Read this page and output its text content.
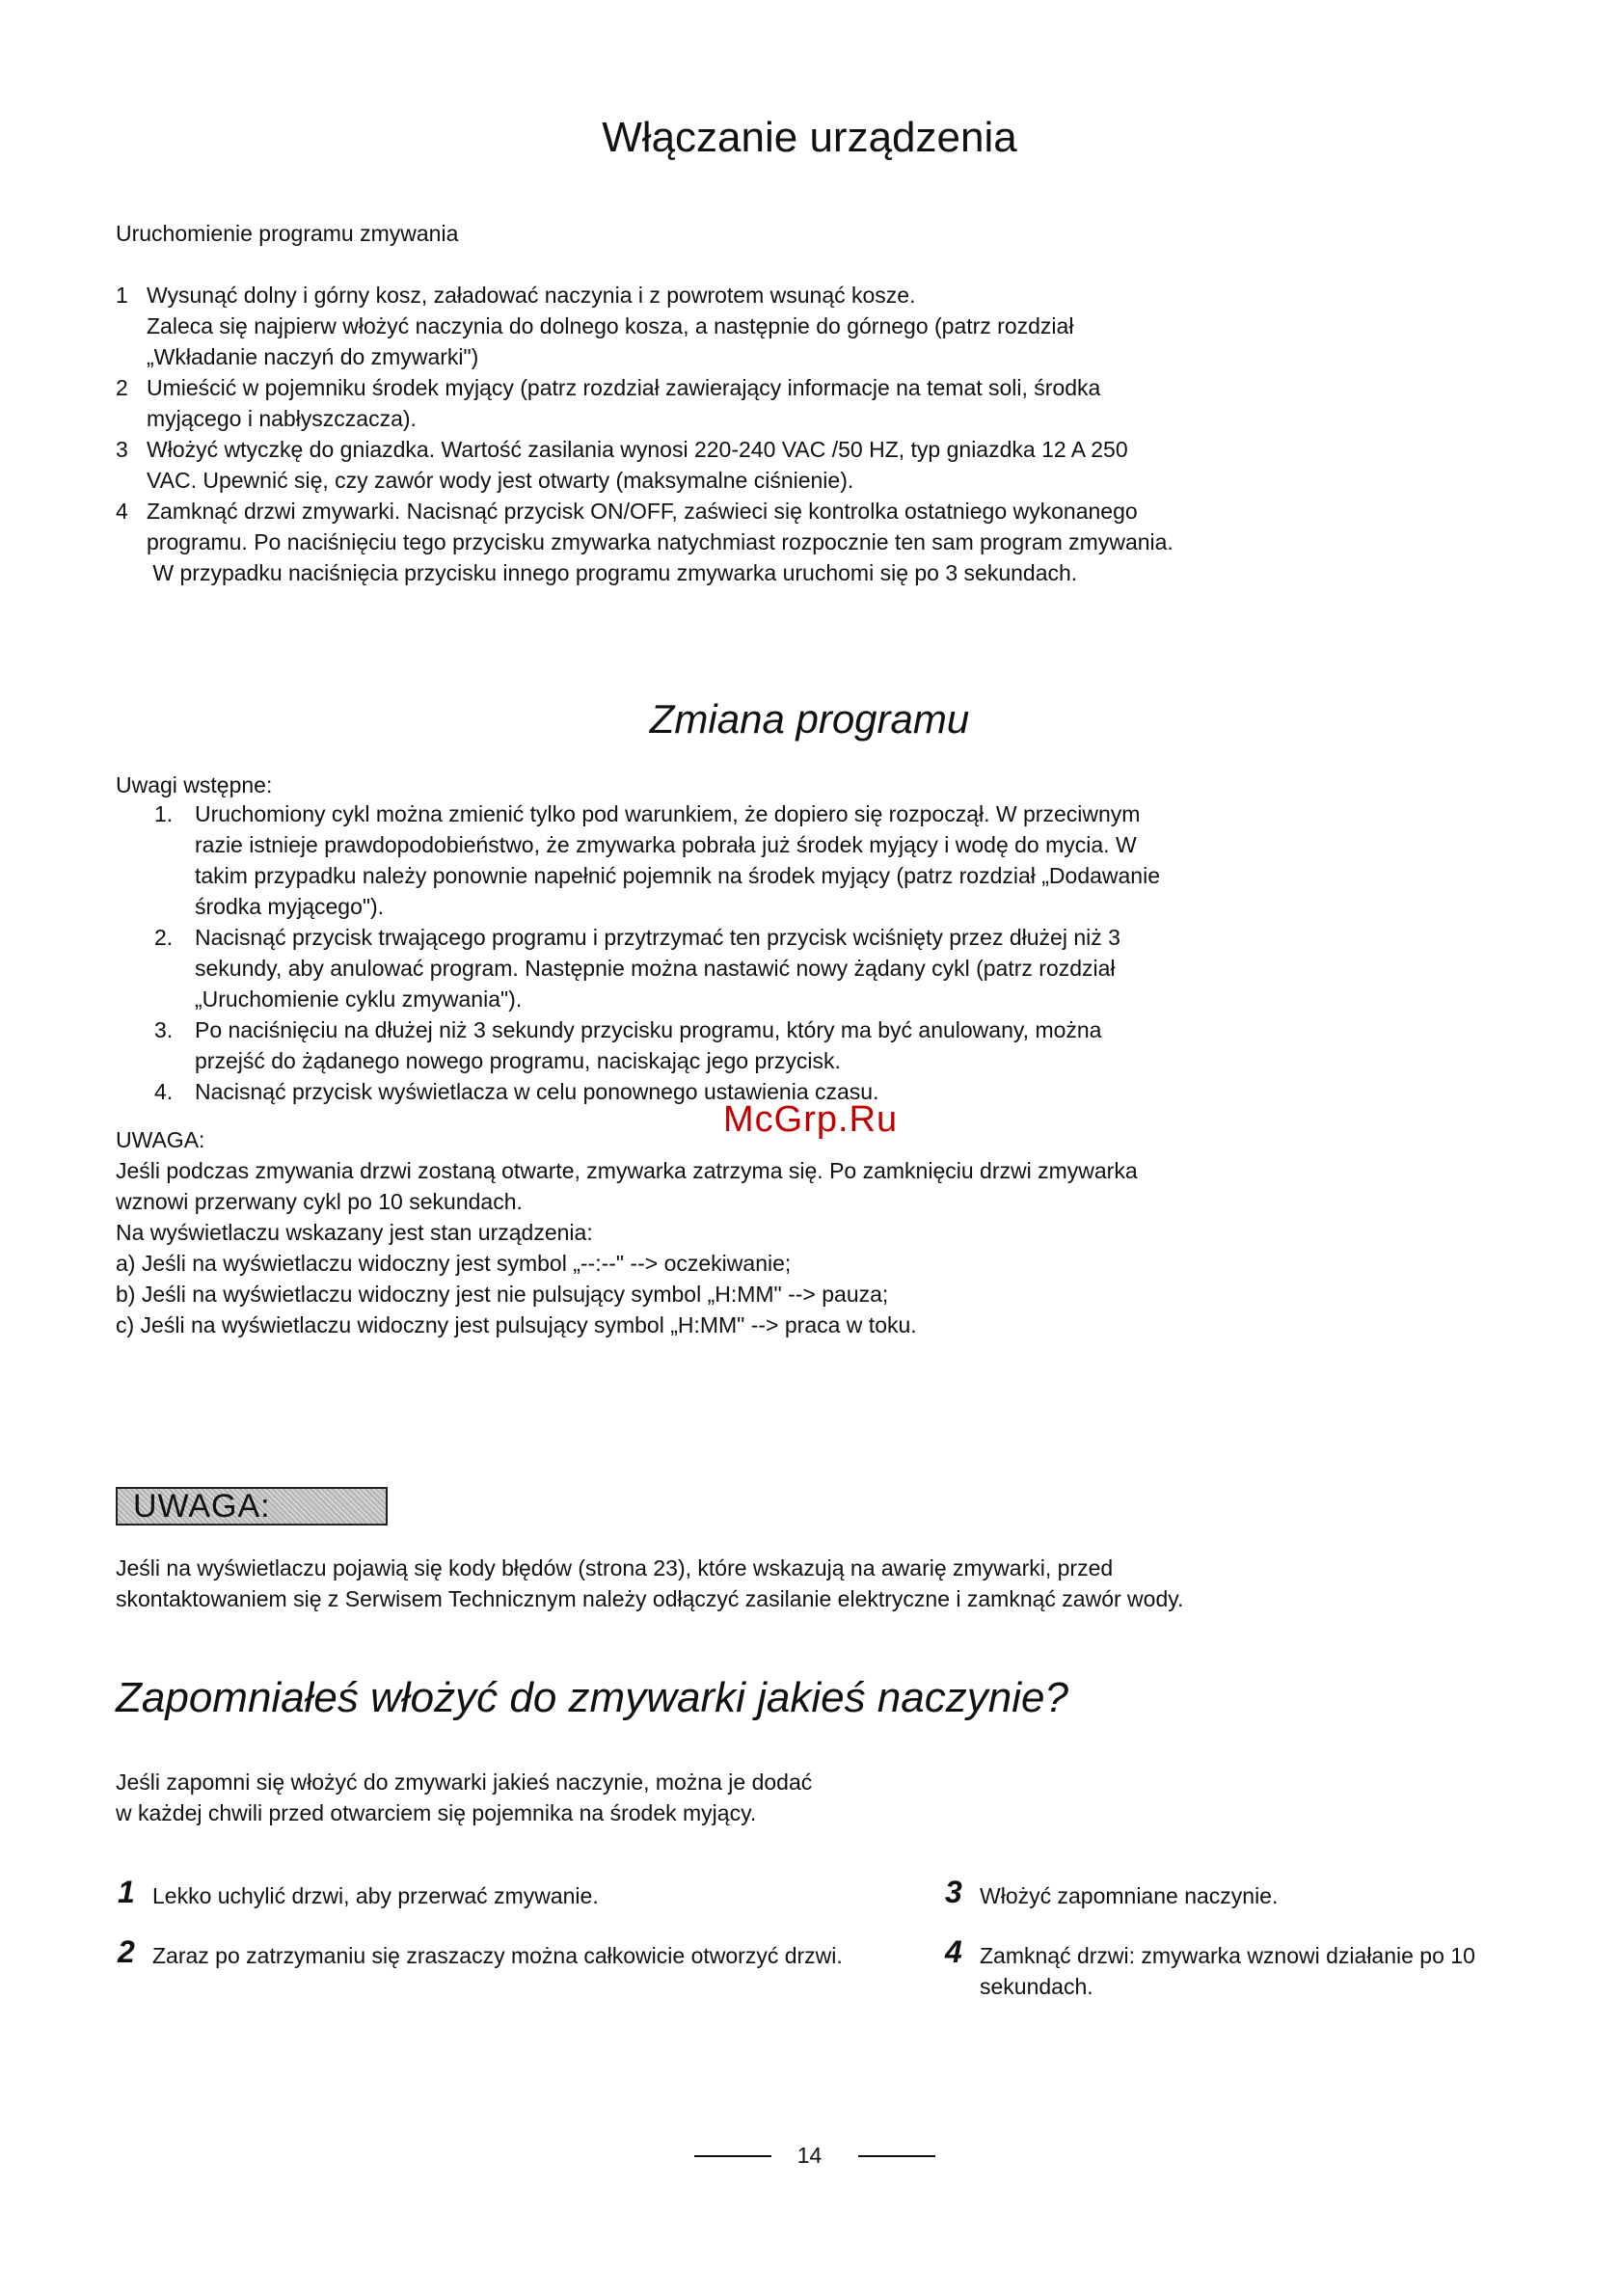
Włączanie urządzenia
Uruchomienie programu zmywania
1 Wysunąć dolny i górny kosz, załadować naczynia i z powrotem wsunąć kosze.
Zaleca się najpierw włożyć naczynia do dolnego kosza, a następnie do górnego (patrz rozdział
„Wkładanie naczyń do zmywarki")
2 Umieścić w pojemniku środek myjący (patrz rozdział zawierający informacje na temat soli, środka
myjącego i nabłyszczacza).
3 Włożyć wtyczkę do gniazdka. Wartość zasilania wynosi 220-240 VAC /50 HZ, typ gniazdka 12 A 250
VAC. Upewnić się, czy zawór wody jest otwarty (maksymalne ciśnienie).
4 Zamknąć drzwi zmywarki. Nacisnąć przycisk ON/OFF, zaświeci się kontrolka ostatniego wykonanego
programu. Po naciśnięciu tego przycisku zmywarka natychmiast rozpocznie ten sam program zmywania.
W przypadku naciśnięcia przycisku innego programu zmywarka uruchomi się po 3 sekundach.
Zmiana programu
Uwagi wstępne:
1. Uruchomiony cykl można zmienić tylko pod warunkiem, że dopiero się rozpoczął. W przeciwnym
razie istnieje prawdopodobieństwo, że zmywarka pobrała już środek myjący i wodę do mycia. W
takim przypadku należy ponownie napełnić pojemnik na środek myjący (patrz rozdział „Dodawanie
środka myjącego").
2. Nacisnąć przycisk trwającego programu i przytrzymać ten przycisk wciśnięty przez dłużej niż 3
sekundy, aby anulować program. Następnie można nastawić nowy żądany cykl (patrz rozdział
„Uruchomienie cyklu zmywania").
3. Po naciśnięciu na dłużej niż 3 sekundy przycisku programu, który ma być anulowany, można
przejść do żądanego nowego programu, naciskając jego przycisk.
4. Nacisnąć przycisk wyświetlacza w celu ponownego ustawienia czasu.
UWAGA:
Jeśli podczas zmywania drzwi zostaną otwarte, zmywarka zatrzyma się. Po zamknięciu drzwi zmywarka
wznowi przerwany cykl po 10 sekundach.
Na wyświetlaczu wskazany jest stan urządzenia:
a) Jeśli na wyświetlaczu widoczny jest symbol „--:--" --> oczekiwanie;
b) Jeśli na wyświetlaczu widoczny jest nie pulsujący symbol „H:MM" --> pauza;
c) Jeśli na wyświetlaczu widoczny jest pulsujący symbol „H:MM" --> praca w toku.
McGrp.Ru
UWAGA:
Jeśli na wyświetlaczu pojawią się kody błędów (strona 23), które wskazują na awarię zmywarki, przed
skontaktowaniem się z Serwisem Technicznym należy odłączyć zasilanie elektryczne i zamknąć zawór wody.
Zapomniałeś włożyć do zmywarki jakieś naczynie?
Jeśli zapomni się włożyć do zmywarki jakieś naczynie, można je dodać
w każdej chwili przed otwarciem się pojemnika na środek myjący.
1 Lekko uchylić drzwi, aby przerwać zmywanie.
2 Zaraz po zatrzymaniu się zraszaczy można całkowicie otworzyć drzwi.
3 Włożyć zapomniane naczynie.
4 Zamknąć drzwi: zmywarka wznowi działanie po 10
sekundach.
14
